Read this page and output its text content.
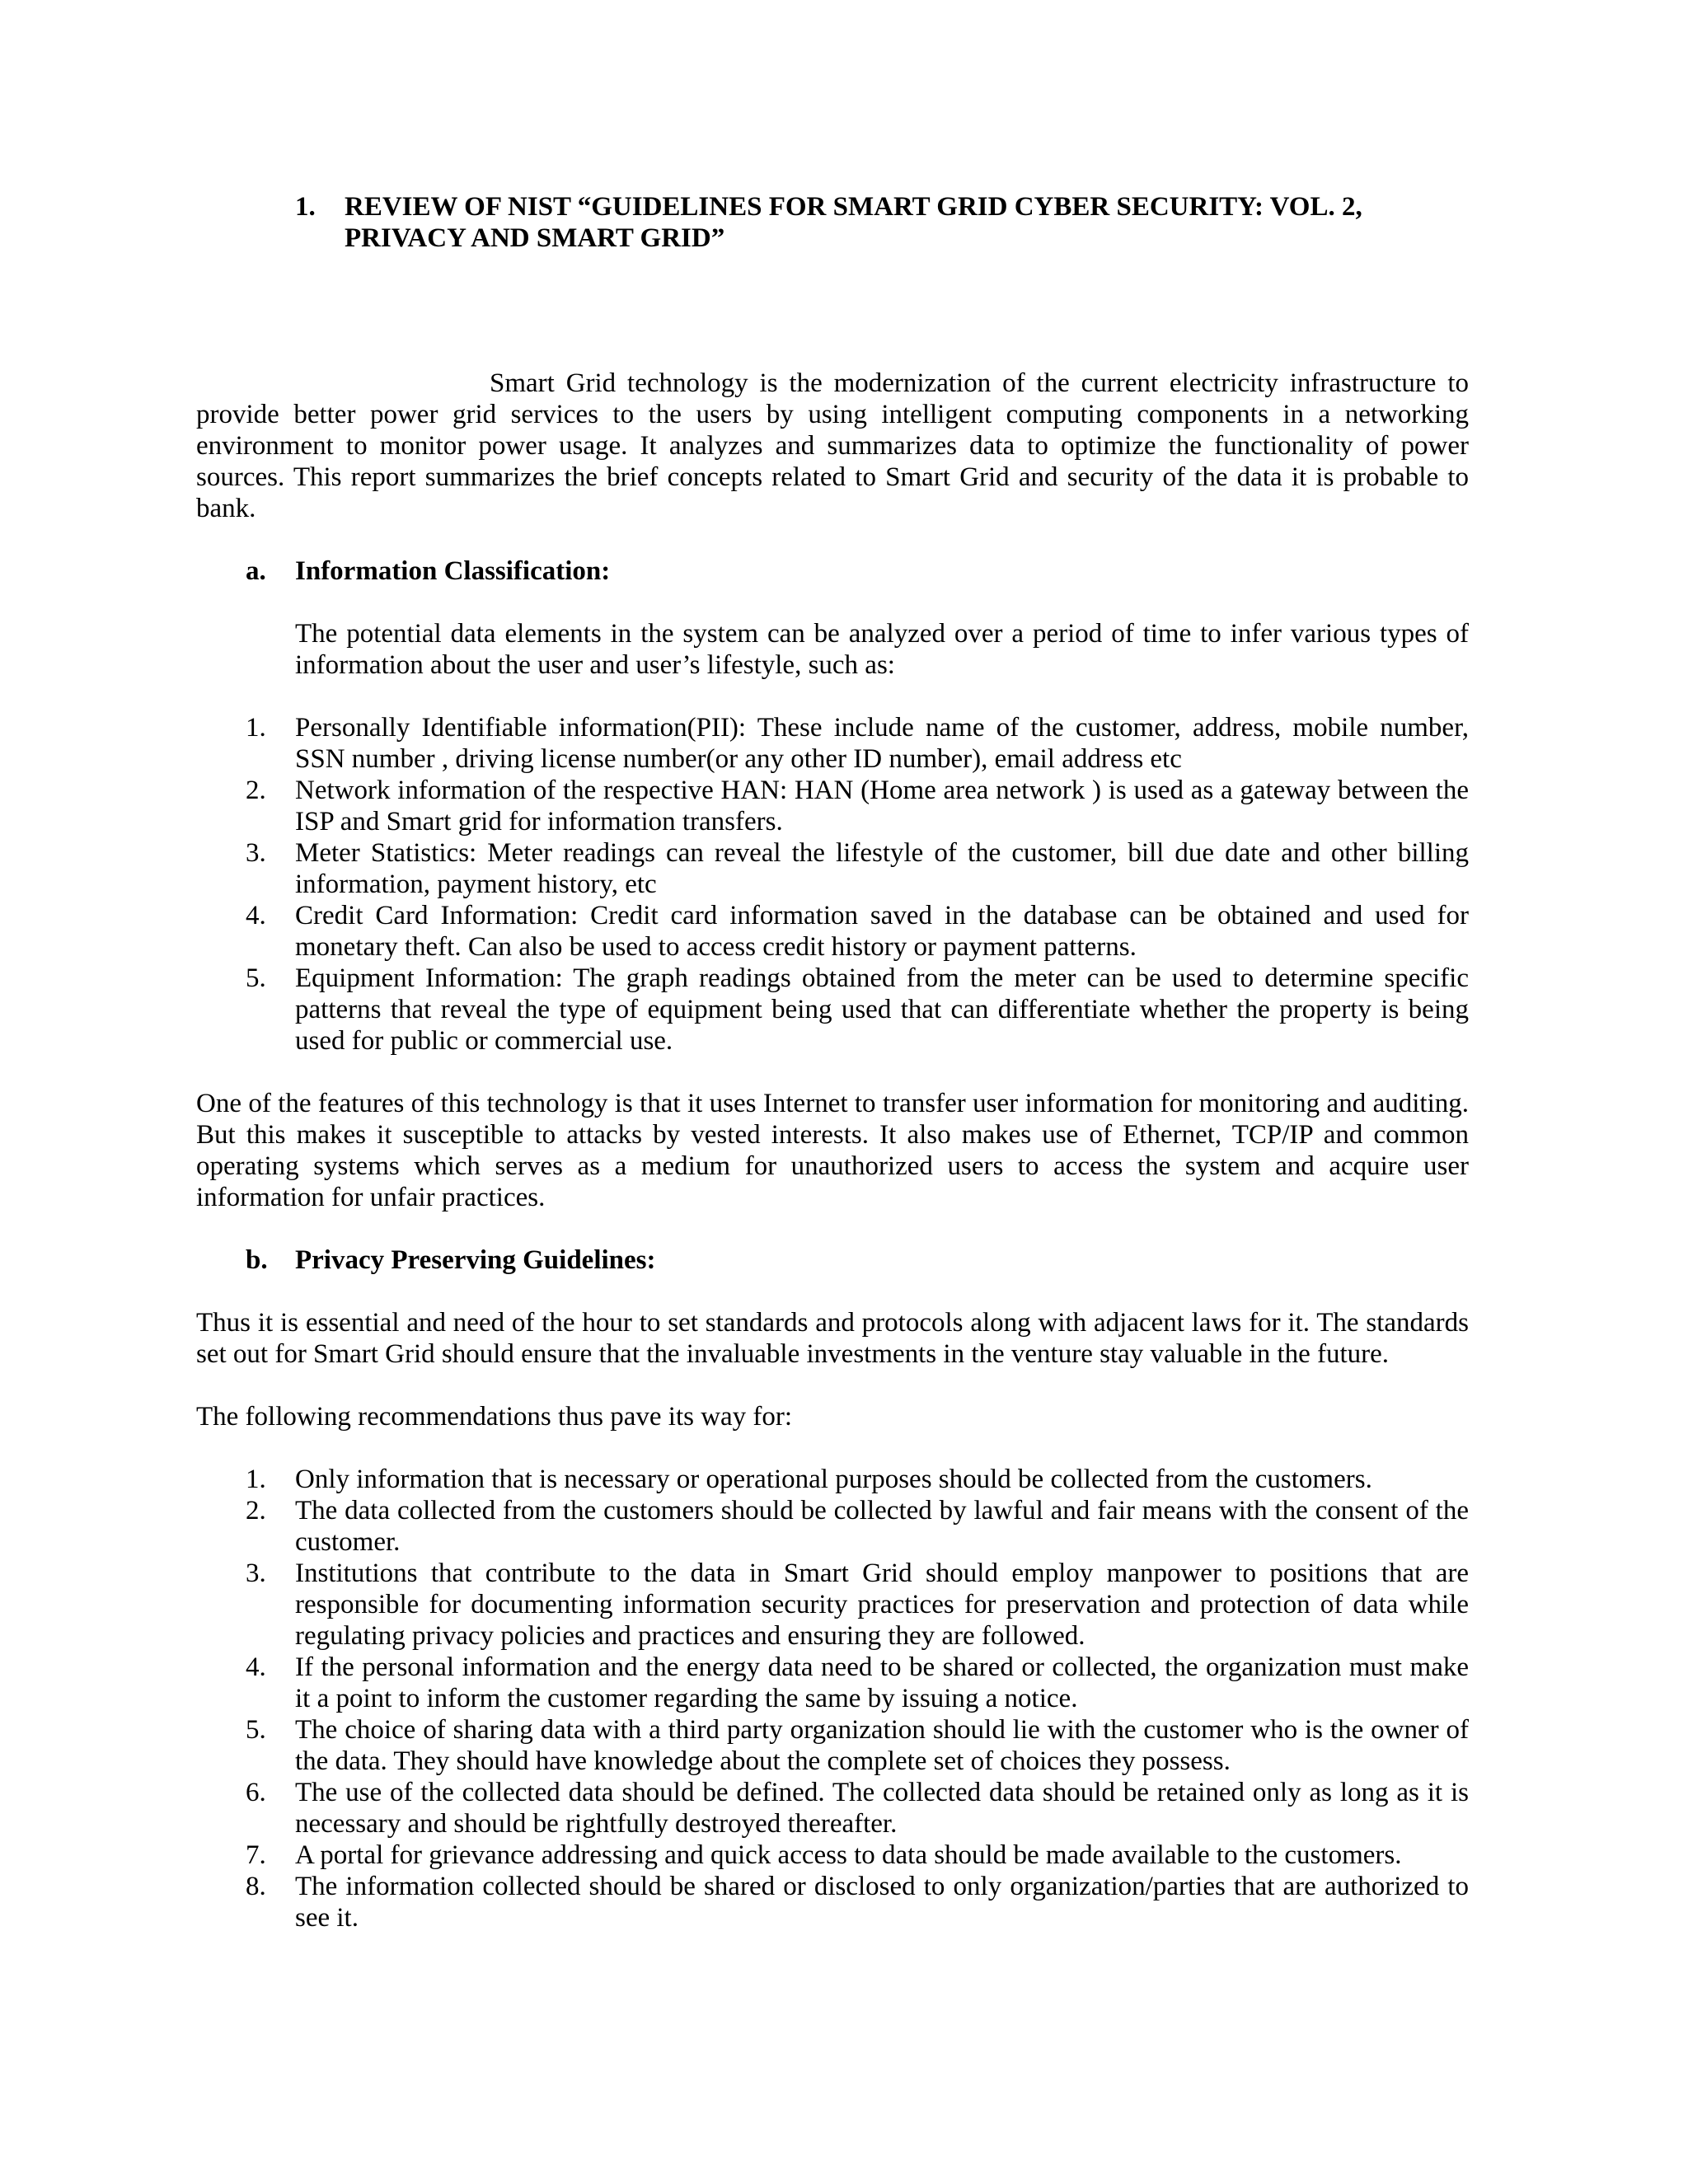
1. REVIEW OF NIST “GUIDELINES FOR SMART GRID CYBER SECURITY: VOL. 2, PRIVACY AND SMART GRID”

Smart Grid technology is the modernization of the current electricity infrastructure to provide better power grid services to the users by using intelligent computing components in a networking environment to monitor power usage. It analyzes and summarizes data to optimize the functionality of power sources. This report summarizes the brief concepts related to Smart Grid and security of the data it is probable to bank.

a. Information Classification:

The potential data elements in the system can be analyzed over a period of time to infer various types of information about the user and user’s lifestyle, such as:

1. Personally Identifiable information(PII): These include name of the customer, address, mobile number, SSN number , driving license number(or any other ID number), email address etc
2. Network information of the respective HAN: HAN (Home area network ) is used as a gateway between the ISP and Smart grid for information transfers.
3. Meter Statistics: Meter readings can reveal the lifestyle of the customer, bill due date and other billing information, payment history, etc
4. Credit Card Information: Credit card information saved in the database can be obtained and used for monetary theft. Can also be used to access credit history or payment patterns.
5. Equipment Information: The graph readings obtained from the meter can be used to determine specific patterns that reveal the type of equipment being used that can differentiate whether the property is being used for public or commercial use.

One of the features of this technology is that it uses Internet to transfer user information for monitoring and auditing. But this makes it susceptible to attacks by vested interests. It also makes use of Ethernet, TCP/IP and common operating systems which serves as a medium for unauthorized users to access the system and acquire user information for unfair practices.

b. Privacy Preserving Guidelines:

Thus it is essential and need of the hour to set standards and protocols along with adjacent laws for it. The standards set out for Smart Grid should ensure that the invaluable investments in the venture stay valuable in the future.

The following recommendations thus pave its way for:

1. Only information that is necessary or operational purposes should be collected from the customers.
2. The data collected from the customers should be collected by lawful and fair means with the consent of the customer.
3. Institutions that contribute to the data in Smart Grid should employ manpower to positions that are responsible for documenting information security practices for preservation and protection of data while regulating privacy policies and practices and ensuring they are followed.
4. If the personal information and the energy data need to be shared or collected, the organization must make it a point to inform the customer regarding the same by issuing a notice.
5. The choice of sharing data with a third party organization should lie with the customer who is the owner of the data. They should have knowledge about the complete set of choices they possess.
6. The use of the collected data should be defined. The collected data should be retained only as long as it is necessary and should be rightfully destroyed thereafter.
7. A portal for grievance addressing and quick access to data should be made available to the customers.
8. The information collected should be shared or disclosed to only organization/parties that are authorized to see it.
